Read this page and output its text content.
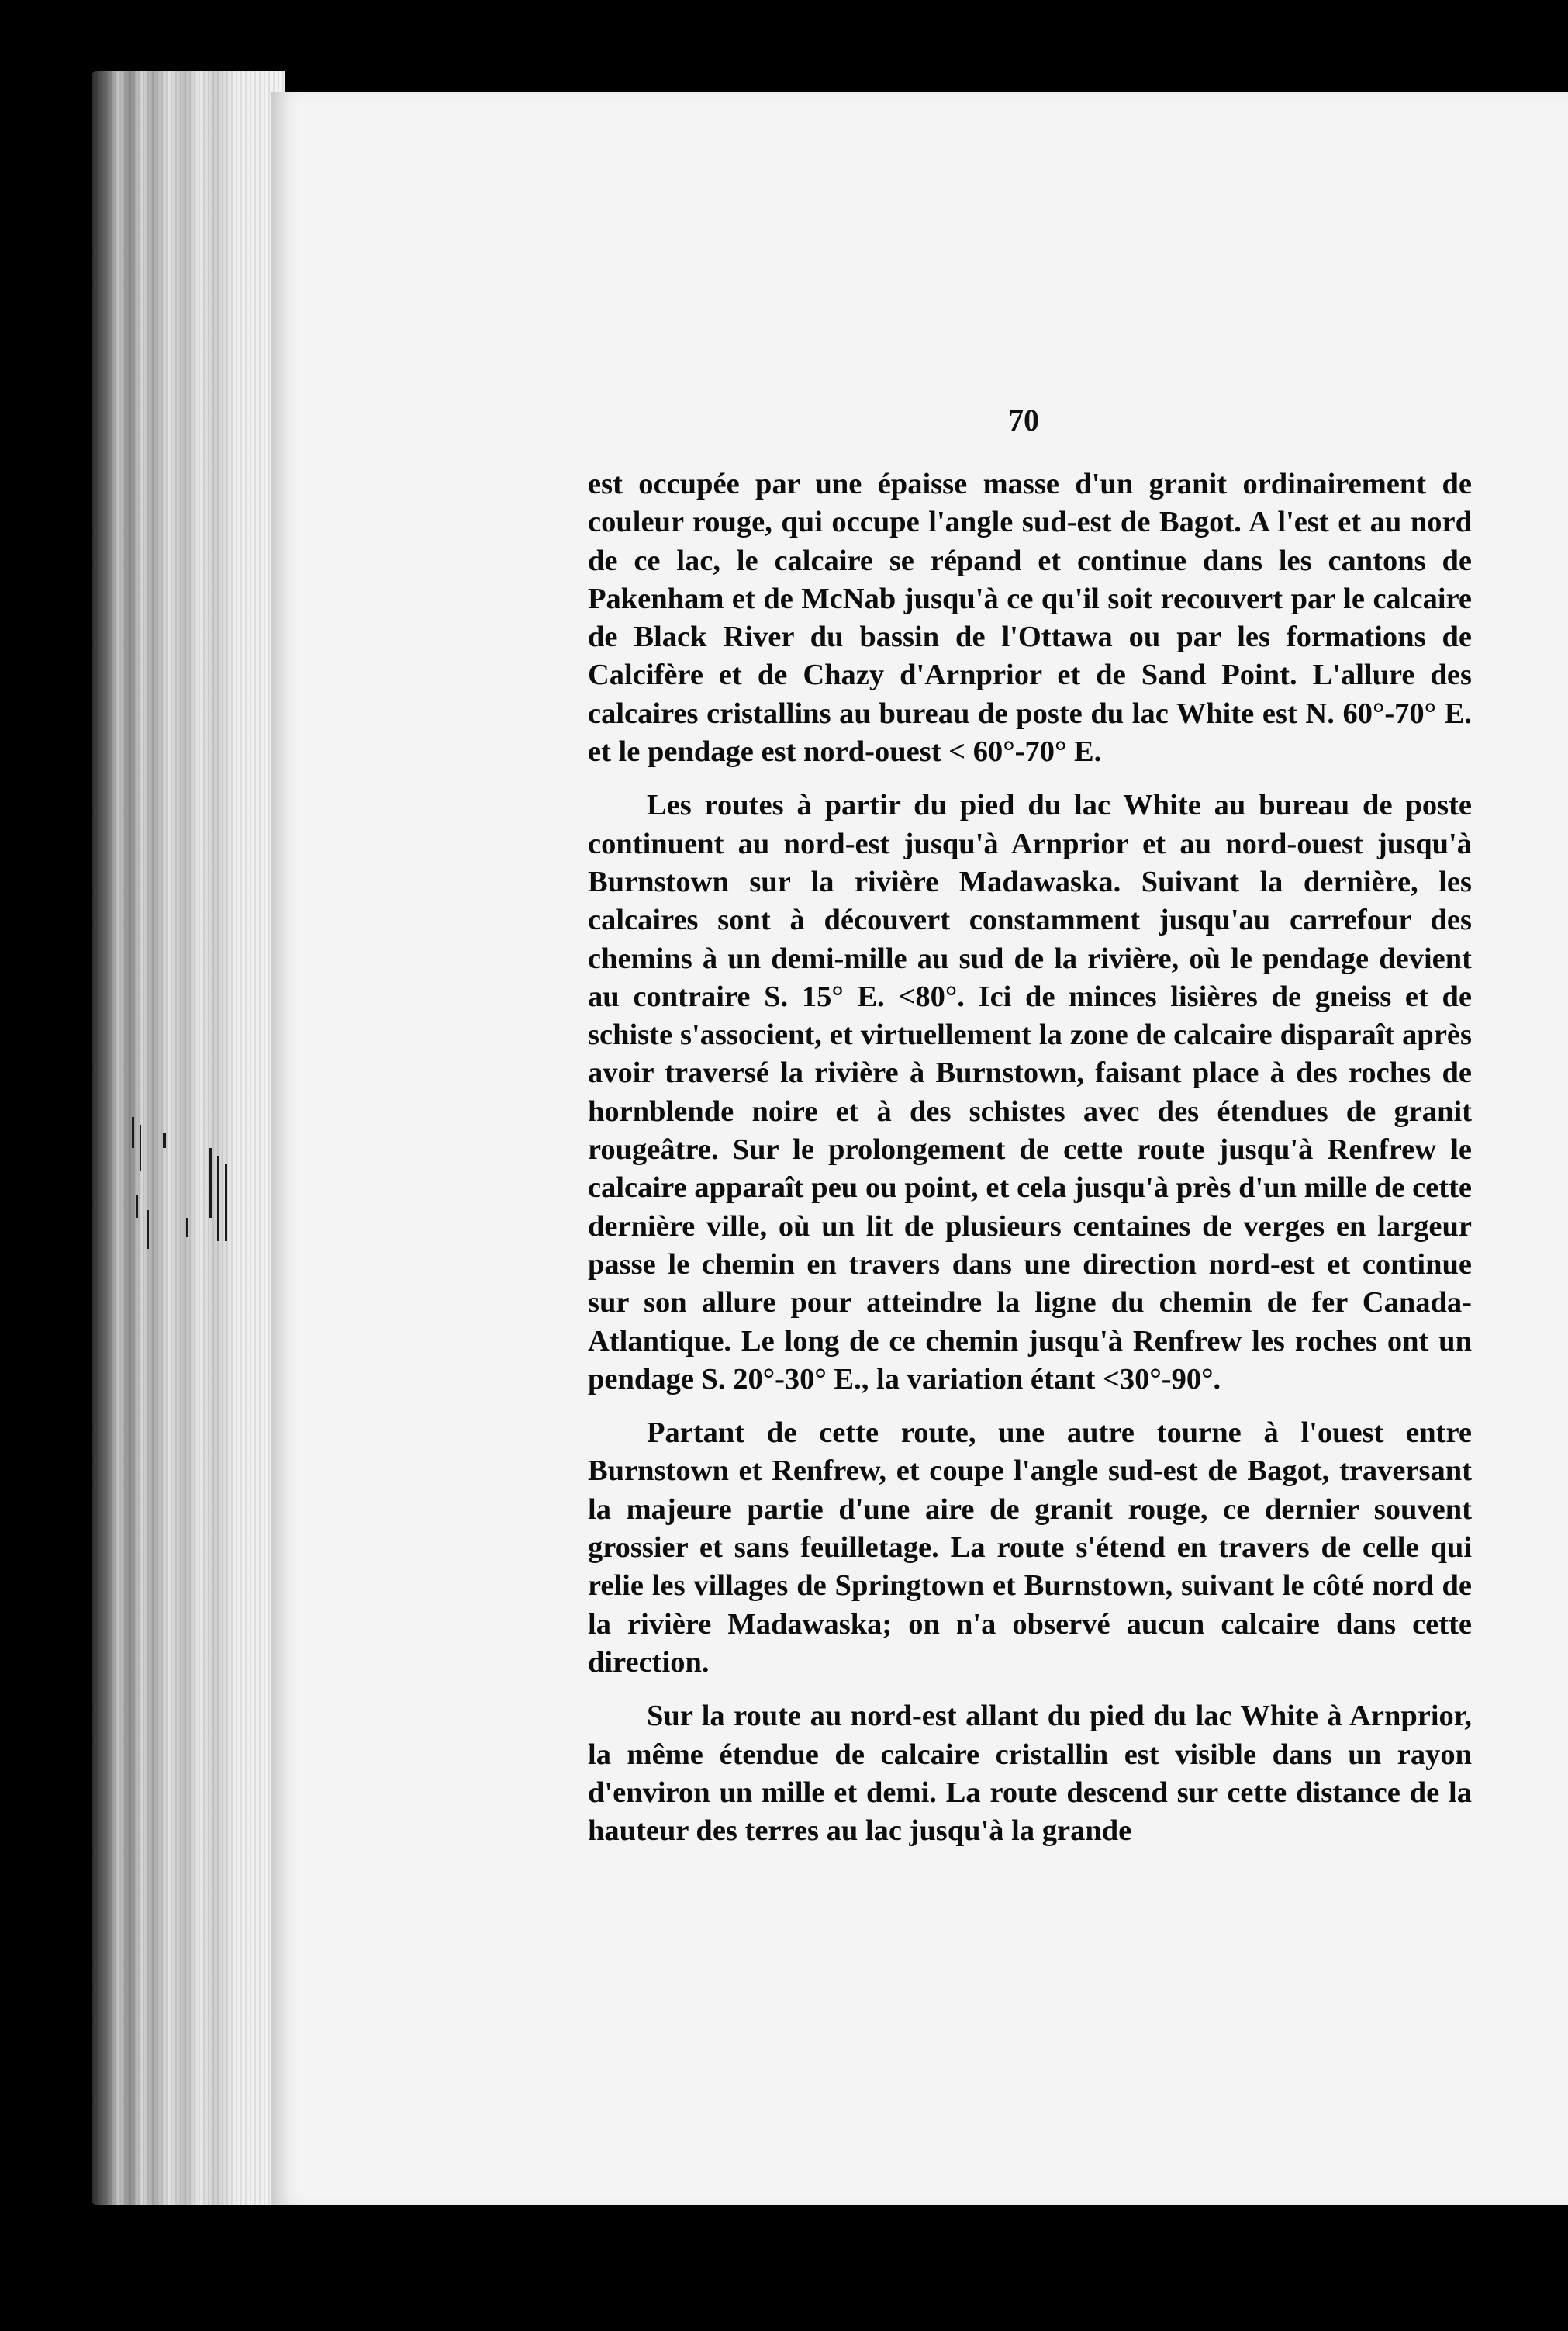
70

est occupée par une épaisse masse d'un granit ordinairement de couleur rouge, qui occupe l'angle sud-est de Bagot. A l'est et au nord de ce lac, le calcaire se répand et continue dans les cantons de Pakenham et de McNab jusqu'à ce qu'il soit recouvert par le calcaire de Black River du bassin de l'Ottawa ou par les formations de Calcifère et de Chazy d'Arnprior et de Sand Point. L'allure des calcaires cristallins au bureau de poste du lac White est N. 60°-70° E. et le pendage est nord-ouest < 60°-70° E.

Les routes à partir du pied du lac White au bureau de poste continuent au nord-est jusqu'à Arnprior et au nord-ouest jusqu'à Burnstown sur la rivière Madawaska. Suivant la dernière, les calcaires sont à découvert constamment jusqu'au carrefour des chemins à un demi-mille au sud de la rivière, où le pendage devient au contraire S. 15° E. <80°. Ici de minces lisières de gneiss et de schiste s'associent, et virtuellement la zone de calcaire disparaît après avoir traversé la rivière à Burnstown, faisant place à des roches de hornblende noire et à des schistes avec des étendues de granit rougeâtre. Sur le prolongement de cette route jusqu'à Renfrew le calcaire apparaît peu ou point, et cela jusqu'à près d'un mille de cette dernière ville, où un lit de plusieurs centaines de verges en largeur passe le chemin en travers dans une direction nord-est et continue sur son allure pour atteindre la ligne du chemin de fer Canada-Atlantique. Le long de ce chemin jusqu'à Renfrew les roches ont un pendage S. 20°-30° E., la variation étant <30°-90°.

Partant de cette route, une autre tourne à l'ouest entre Burnstown et Renfrew, et coupe l'angle sud-est de Bagot, traversant la majeure partie d'une aire de granit rouge, ce dernier souvent grossier et sans feuilletage. La route s'étend en travers de celle qui relie les villages de Springtown et Burnstown, suivant le côté nord de la rivière Madawaska; on n'a observé aucun calcaire dans cette direction.

Sur la route au nord-est allant du pied du lac White à Arnprior, la même étendue de calcaire cristallin est visible dans un rayon d'environ un mille et demi. La route descend sur cette distance de la hauteur des terres au lac jusqu'à la grande
